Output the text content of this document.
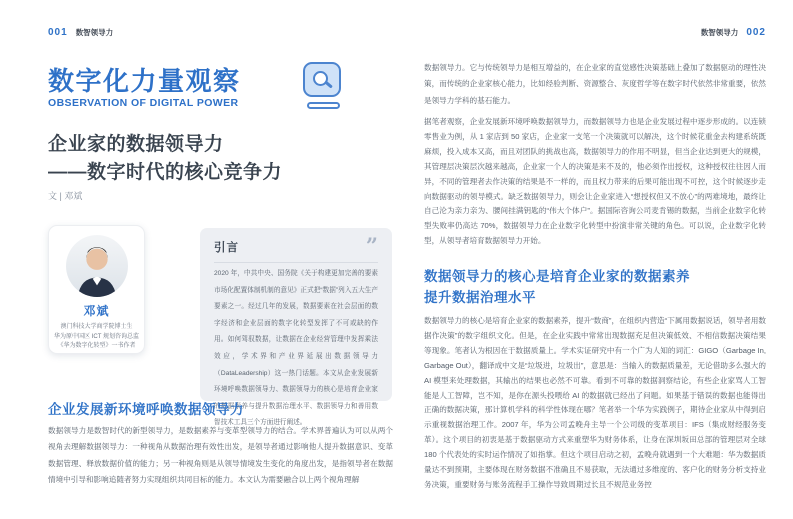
001 数智领导力
数字化力量观察
OBSERVATION OF DIGITAL POWER
企业家的数据领导力
——数字时代的核心竞争力
文 | 邓斌
邓斌
澳门科技大学商学院博士生
华为原中国区 ICT 规划咨询总监
《华为数字化转型》一书作者
引言	”
2020 年，中共中央、国务院《关于构建更加完善的要素市场化配置体制机制的意见》正式把“数据”列入五大生产要素之一。经过几年的发展，数据要素在社会层面的数字经济和企业层面的数字化转型发挥了不可或缺的作用。如何驾驭数据，让数据在企业经营管理中发挥乘法效应，学术界和产业界延展出数据领导力（DataLeadership）这一热门话题。本文从企业发展新环境呼唤数据领导力、数据领导力的核心是培育企业家的数据素养与提升数据治理水平、数据领导力和善用数智技术工具三个方面进行阐述。
企业发展新环境呼唤数据领导力
数据领导力是数智时代的新型领导力，是数据素养与变革型领导力的结合。学术界普遍认为可以从两个视角去理解数据领导力：一种视角从数据治理有效性出发，是领导者通过影响他人提升数据意识、变革数据管理、释放数据价值的能力；另一种视角则是从领导情境发生变化的角度出发，是指领导者在数据情境中引导和影响追随者努力实现组织共同目标的能力。本文认为需要融合以上两个视角理解
数智领导力 002
数据领导力。它与传统领导力是相互增益的，在企业家的直觉感性决策基础上叠加了数据驱动的理性决策，而传统的企业家核心能力，比如经验判断、资源整合、灰度哲学等在数字时代依然非常重要，依然是领导力学科的基石能力。
据笔者观察，企业发展新环境呼唤数据领导力，而数据领导力也是企业发展过程中逐步形成的。以连锁零售业为例，从 1 家店到 50 家店，企业家一支笔一个决策就可以解决，这个时候花重金去构建系统既麻烦，投入成本又高，而且对团队的挑战也高，数据领导力的作用不明显，但当企业达到更大的规模，其管理层决策层次越来越高，企业家一个人的决策是来不及的，他必须作出授权，这种授权往往因人而异，不同的管理者去作决策的结果是不一样的，而且权力带来的后果可能出现不可控，这个时候逐步走向数据驱动的领导模式。缺乏数据领导力，则会让企业家进入“想授权但又不放心”的两难境地，最终让自己沦为亲力亲为、腰间挂满钥匙的“伟大个体户”。据国际咨询公司麦肯锡的数据，当前企业数字化转型失败率仍高达 70%，数据领导力在企业数字化转型中扮演非常关键的角色。可以说，企业数字化转型，从领导者培育数据领导力开始。
数据领导力的核心是培育企业家的数据素养
提升数据治理水平
数据领导力的核心是培育企业家的数据素养，提升“数商”，在组织内营造“下属用数据说话，领导者用数据作决策”的数字组织文化。但是，在企业实践中常常出现数据充足但决策低效、不相信数据决策结果等现象。笔者认为根因在于数据质量上。学术实证研究中有一个广为人知的词汇：GIGO（Garbage In, Garbage Out），翻译成中文是“垃圾进，垃圾出”，意思是：当输入的数据质量差，无论借助多么强大的 AI 模型来处理数据，其输出的结果也必然不可靠。看到不可靠的数据洞察结论，有些企业家骂人工智能是人工智障，岂不知，是你在源头投喂给 AI 的数据就已经出了问题。如果基于错误的数据也能得出正确的数据决策，那计算机学科的科学性体现在哪？笔者举一个华为实践例子，期待企业家从中得到启示重视数据治理工作。2007 年，华为公司孟晚舟主导一个公司级的变革项目：IFS（集成财经服务变革）。这个项目的初衷是基于数据驱动方式来重塑华为财务体系，让身在深圳坂田总部的管理层对全球 180 个代表处的实时运作情况了如指掌。但这个项目启动之初，孟晚舟就遇到一个大难题：华为数据质量达不到预期，主要体现在财务数据不准确且不易获取，无法通过多维度的、客户化的财务分析支持业务决策，重要财务与账务流程手工操作导致周期过长且不规范业务控
